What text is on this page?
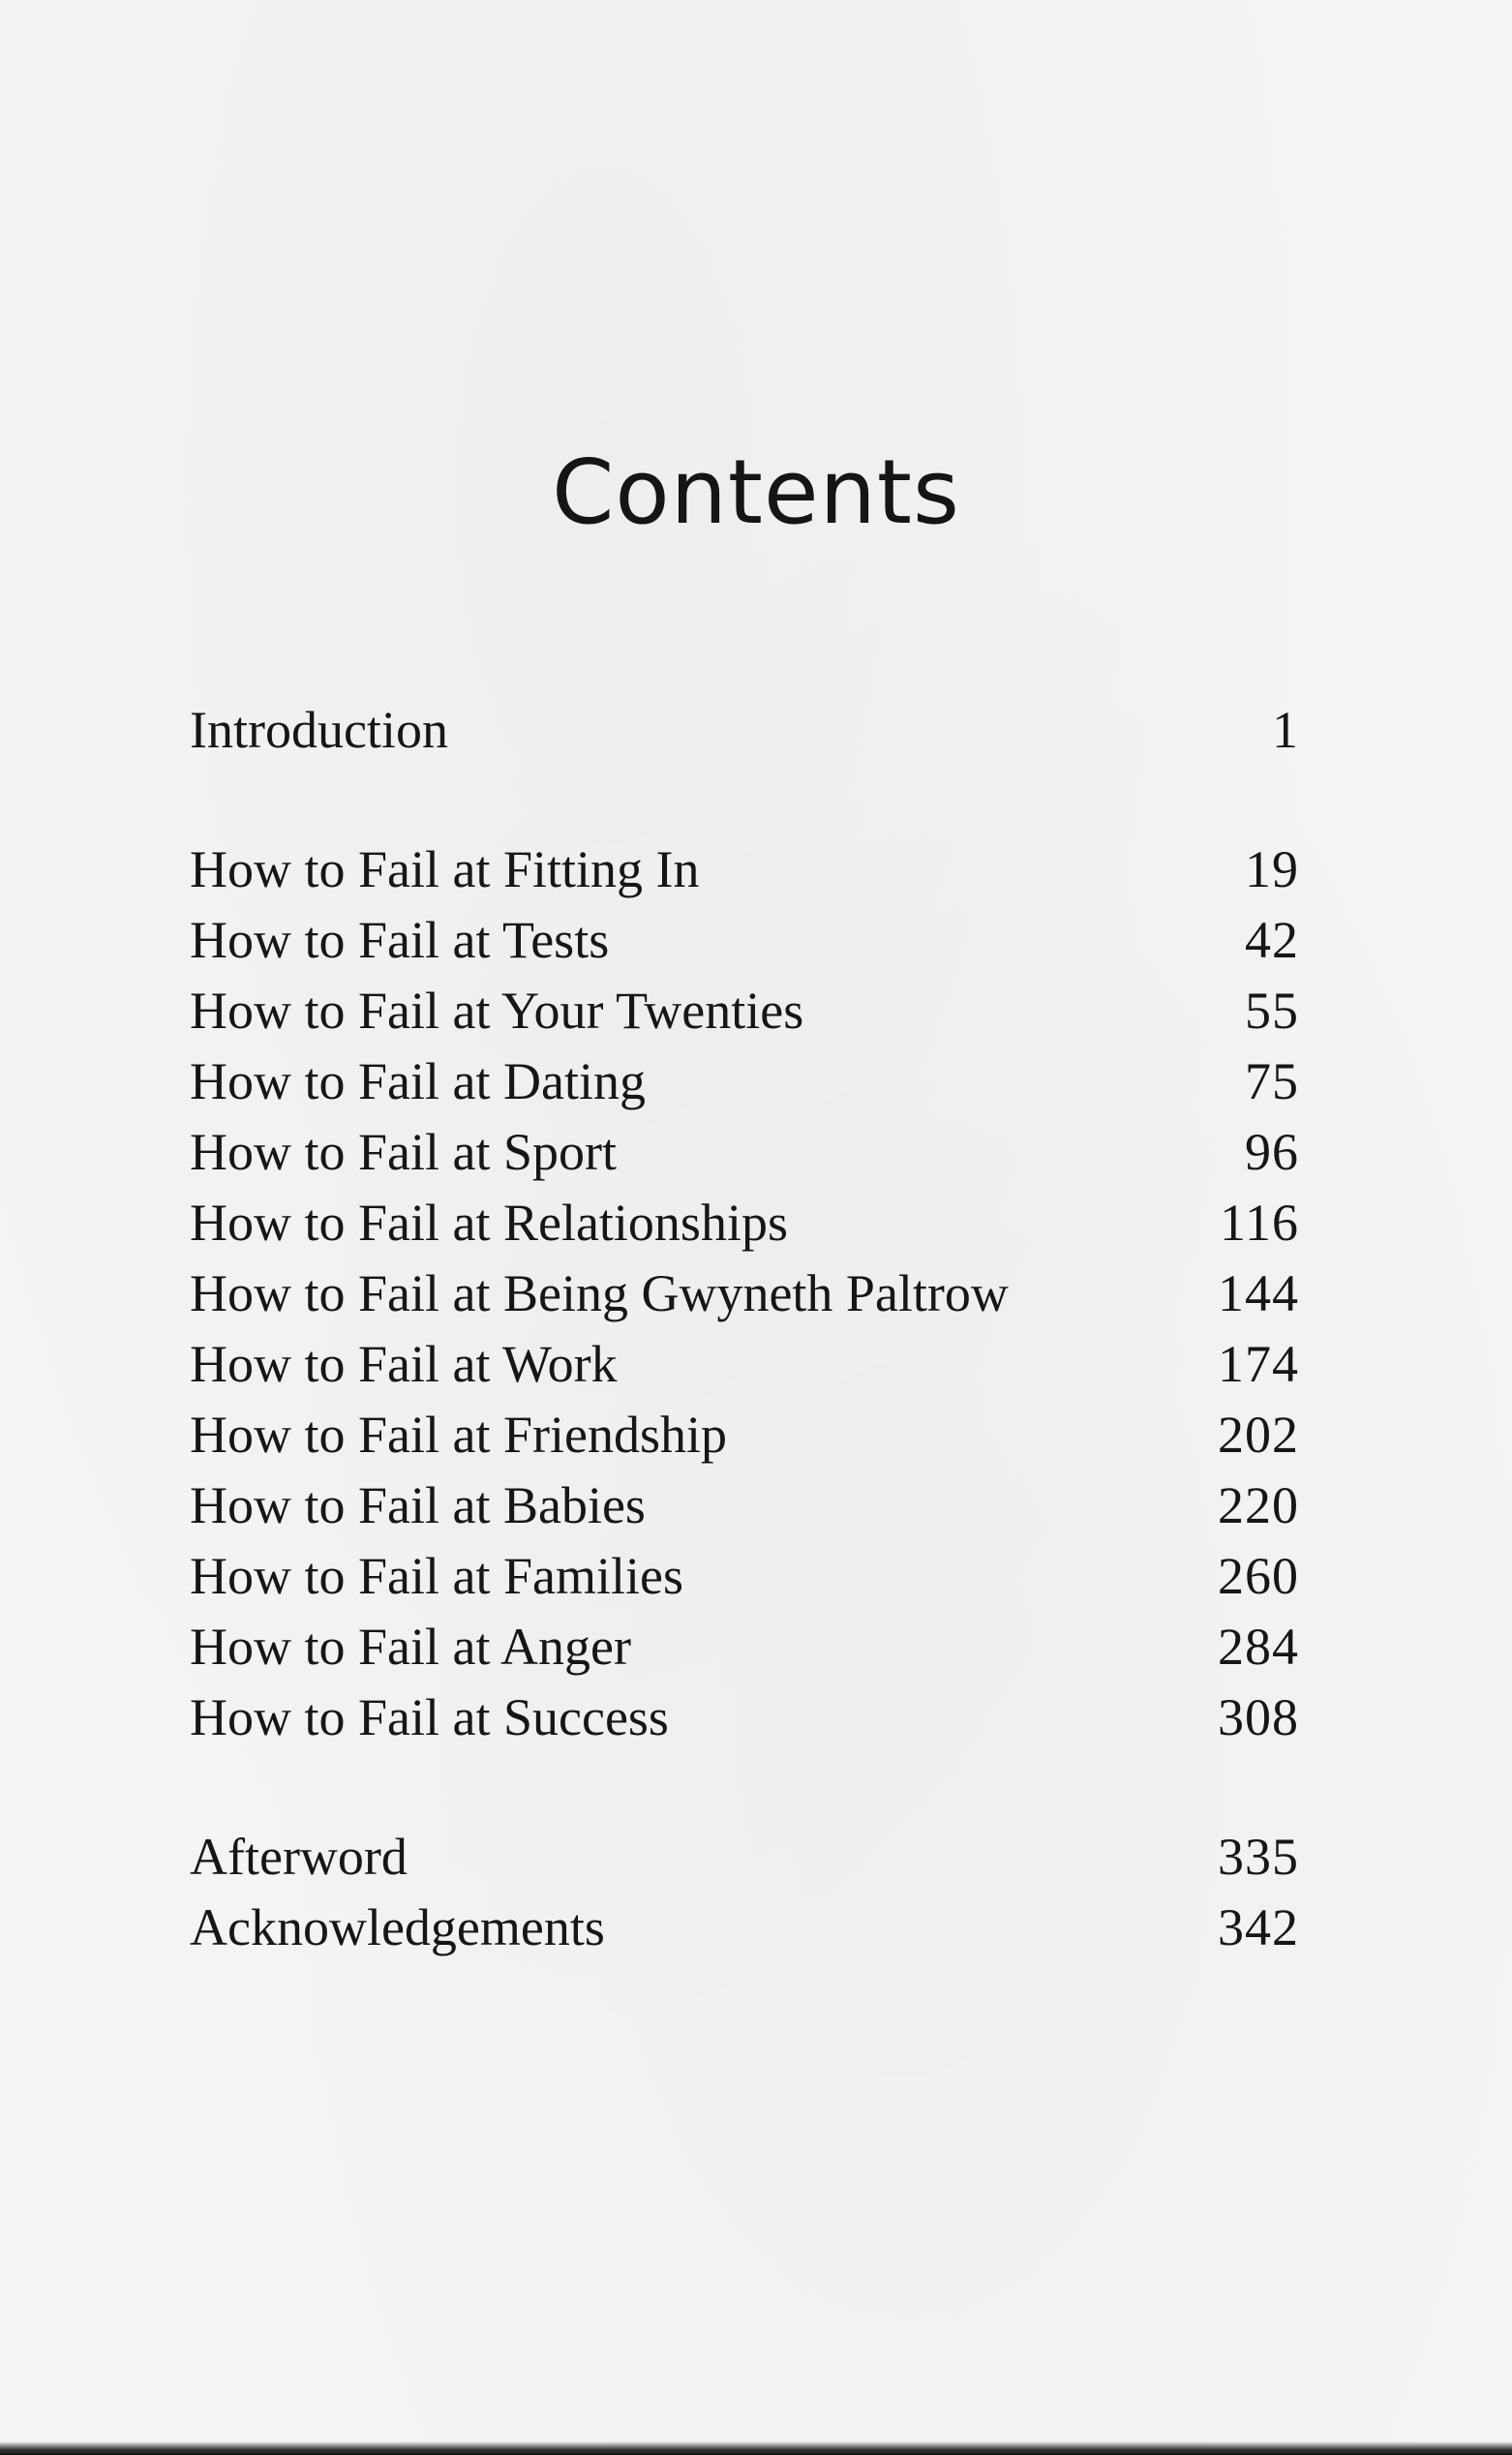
Contents
Introduction	1
How to Fail at Fitting In	19
How to Fail at Tests	42
How to Fail at Your Twenties	55
How to Fail at Dating	75
How to Fail at Sport	96
How to Fail at Relationships	116
How to Fail at Being Gwyneth Paltrow	144
How to Fail at Work	174
How to Fail at Friendship	202
How to Fail at Babies	220
How to Fail at Families	260
How to Fail at Anger	284
How to Fail at Success	308
Afterword	335
Acknowledgements	342
